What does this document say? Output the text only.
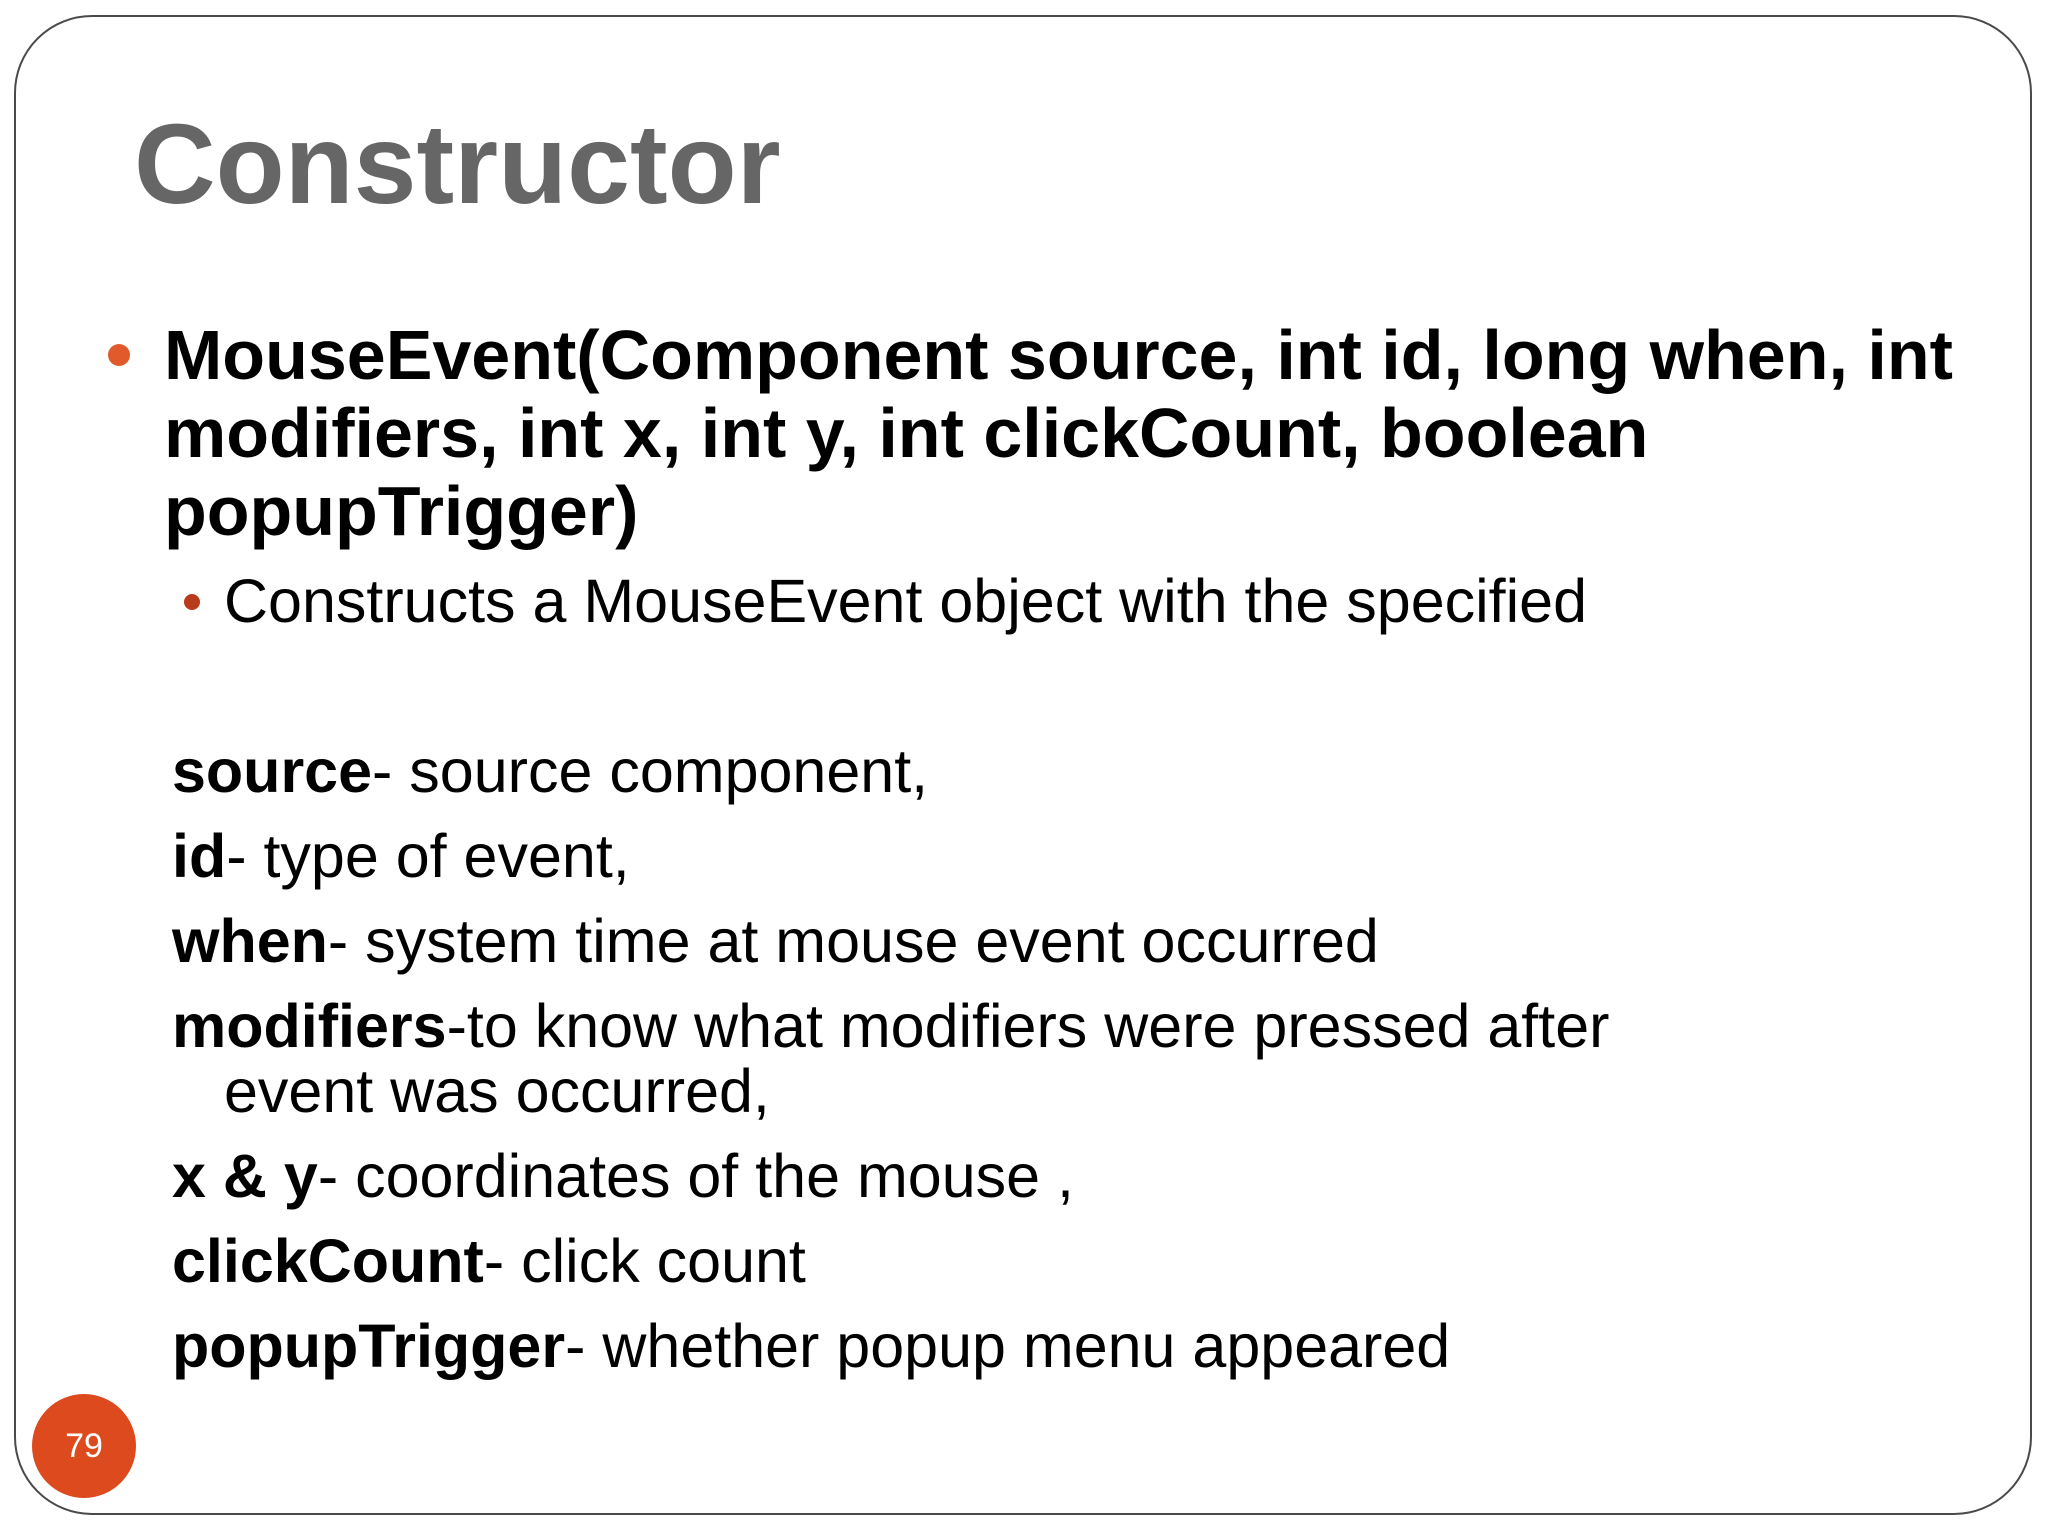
Constructor
MouseEvent(Component source, int id, long when, int modifiers, int x, int y, int clickCount, boolean popupTrigger)
Constructs a MouseEvent object with the specified
source- source component,
id- type of event,
when- system time at mouse event occurred
modifiers-to know what modifiers were pressed after
event was occurred,
x & y- coordinates of the mouse ,
clickCount- click count
popupTrigger- whether popup menu appeared
79
